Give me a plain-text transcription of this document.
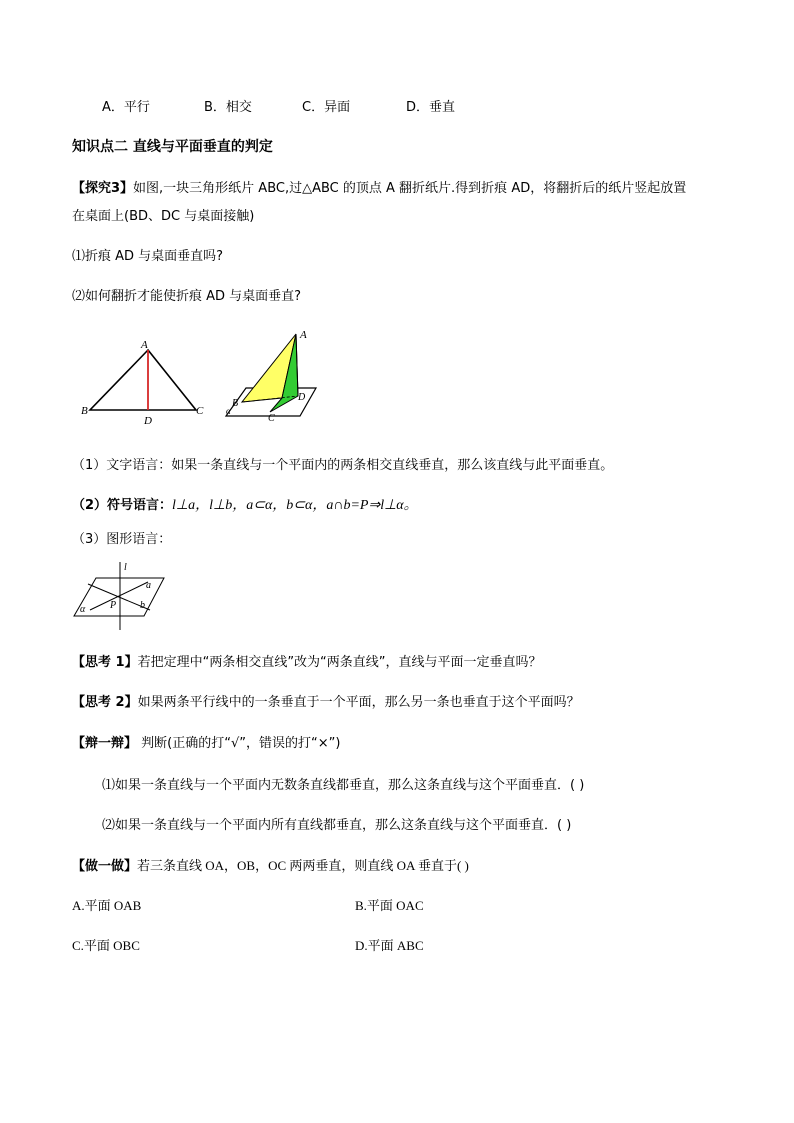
A．平行	B．相交	C．异面	D．垂直
知识点二 直线与平面垂直的判定
【探究3】如图,一块三角形纸片 ABC,过△ABC 的顶点 A 翻折纸片.得到折痕 AD，将翻折后的纸片竖起放置
在桌面上(BD、DC 与桌面接触)
⑴折痕 AD 与桌面垂直吗?
⑵如何翻折才能使折痕 AD 与桌面垂直?
A
B	C
D
A
B
C
D
α
（1）文字语言：如果一条直线与一个平面内的两条相交直线垂直，那么该直线与此平面垂直。
（2）符号语言：l⊥a，l⊥b，a⊂α，b⊂α，a∩b=P⇒l⊥α。
（3）图形语言：
l
a
b
P
α
【思考 1】若把定理中“两条相交直线”改为“两条直线”，直线与平面一定垂直吗？
【思考 2】如果两条平行线中的一条垂直于一个平面，那么另一条也垂直于这个平面吗？
【辩一辩】 判断(正确的打“√”，错误的打“×”)
⑴如果一条直线与一个平面内无数条直线都垂直，那么这条直线与这个平面垂直．( )
⑵如果一条直线与一个平面内所有直线都垂直，那么这条直线与这个平面垂直．( )
【做一做】若三条直线 OA，OB，OC 两两垂直，则直线 OA 垂直于( )
A.平面 OAB	B.平面 OAC
C.平面 OBC	D.平面 ABC
